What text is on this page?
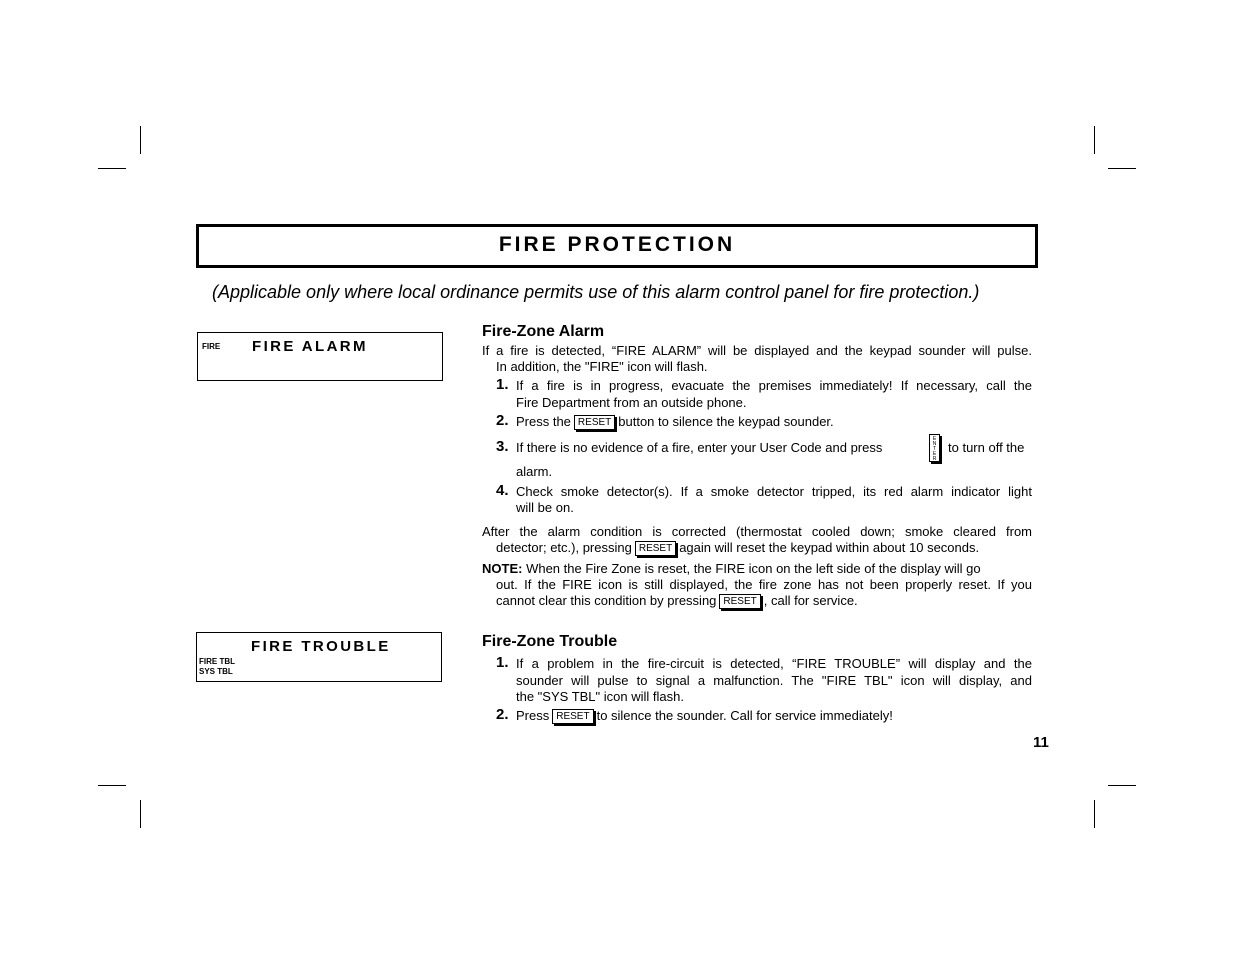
FIRE PROTECTION
(Applicable only where local ordinance permits use of this alarm control panel for fire protection.)
FIRE FIRE ALARM
FIRE TROUBLE
FIRE TBL
SYS TBL
Fire-Zone Alarm
If a fire is detected, “FIRE ALARM” will be displayed and the keypad sounder will pulse.
In addition, the "FIRE" icon will flash.
1. If a fire is in progress, evacuate the premises immediately! If necessary, call the
Fire Department from an outside phone.
2. Press the RESET button to silence the keypad sounder.
3. If there is no evidence of a fire, enter your User Code and press
ENTER
to turn off the
alarm.
4. Check smoke detector(s). If a smoke detector tripped, its red alarm indicator light
will be on.
After the alarm condition is corrected (thermostat cooled down; smoke cleared from
detector; etc.), pressing RESET again will reset the keypad within about 10 seconds.
NOTE: When the Fire Zone is reset, the FIRE icon on the left side of the display will go
out. If the FIRE icon is still displayed, the fire zone has not been properly reset. If you
cannot clear this condition by pressing RESET , call for service.
Fire-Zone Trouble
1. If a problem in the fire-circuit is detected, “FIRE TROUBLE” will display and the
sounder will pulse to signal a malfunction. The "FIRE TBL" icon will display, and
the "SYS TBL" icon will flash.
2. Press RESET to silence the sounder. Call for service immediately!
11
